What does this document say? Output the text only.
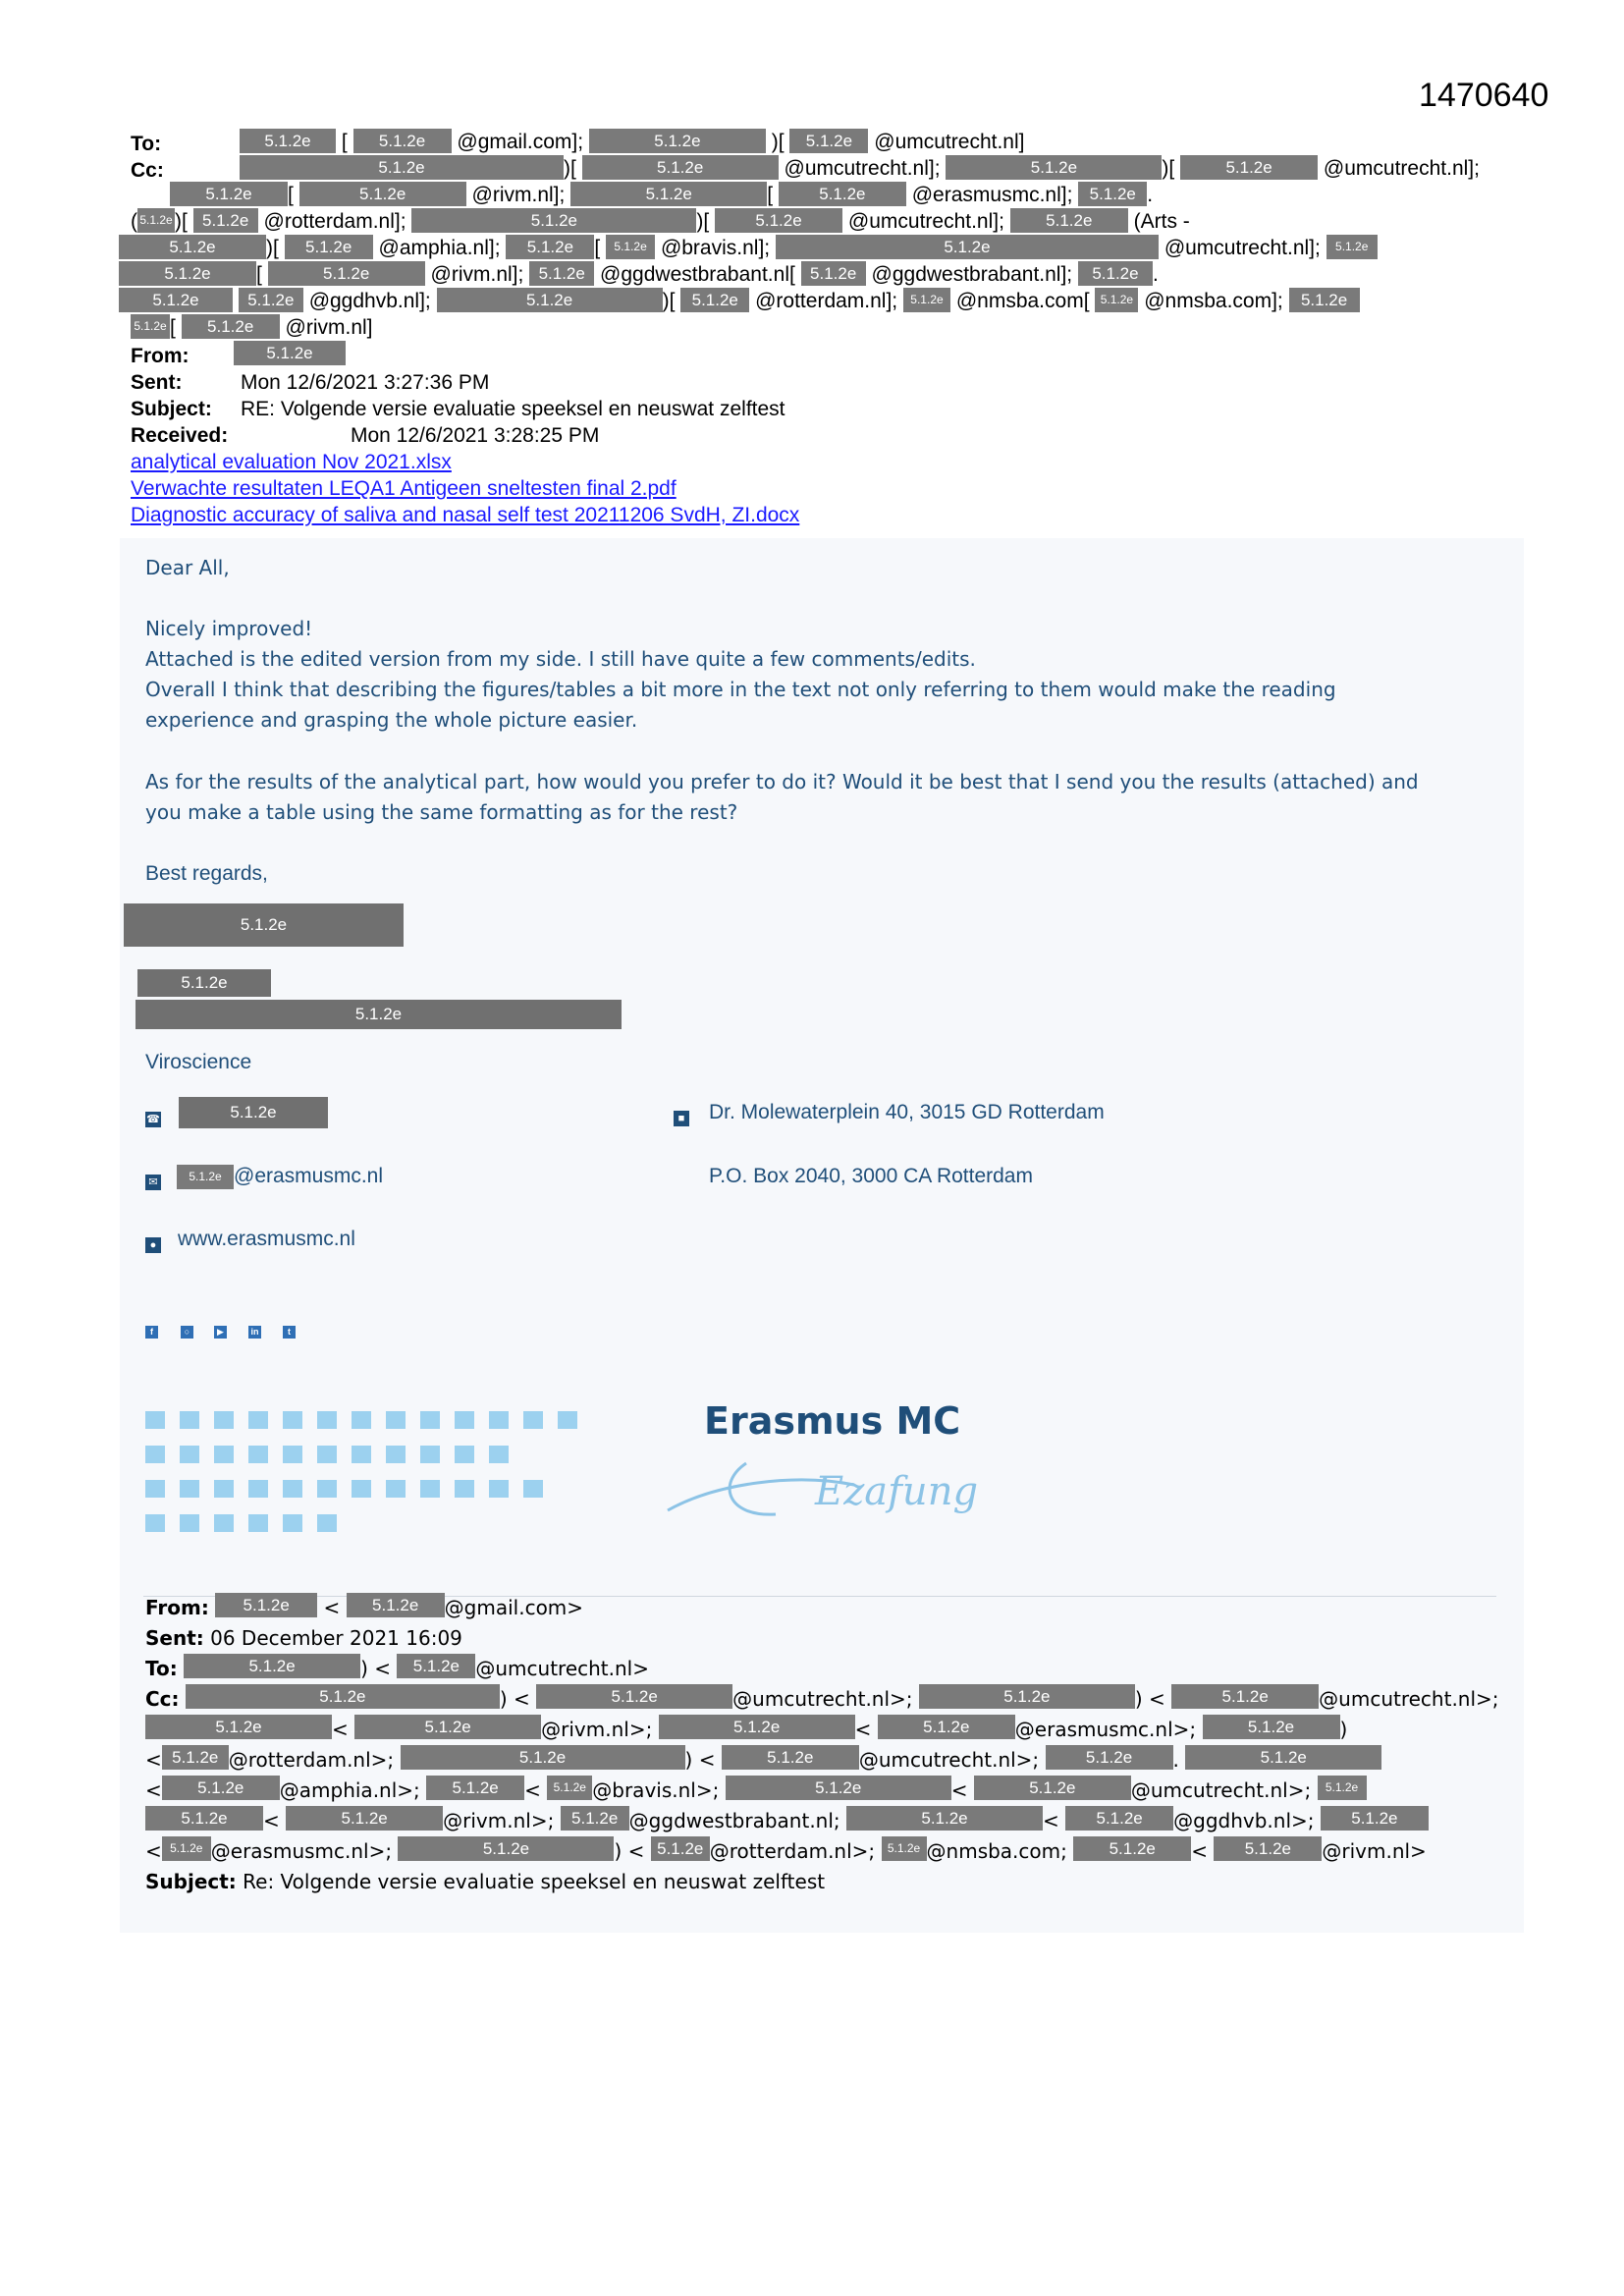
1470640
To:	5.1.2e [ 5.1.2e @gmail.com];	5.1.2e	)[ 5.1.2e @umcutrecht.nl]
Cc:	5.1.2e	)[	5.1.2e	@umcutrecht.nl];	5.1.2e	)[	5.1.2e @umcutrecht.nl];
5.1.2e [	5.1.2e	@rivm.nl];	5.1.2e	[	5.1.2e @erasmusmc.nl]; 5.1.2e .
( 5.1.2e )[ 5.1.2e @rotterdam.nl];	5.1.2e	)[	5.1.2e @umcutrecht.nl]; 5.1.2e (Arts -
5.1.2e )[ 5.1.2e @amphia.nl]; 5.1.2e [ 5.1.2e @bravis.nl];	5.1.2e	@umcutrecht.nl]; 5.1.2e
5.1.2e [	5.1.2e	@rivm.nl]; 5.1.2e @ggdwestbrabant.nl[ 5.1.2e @ggdwestbrabant.nl]; 5.1.2e .
5.1.2e	5.1.2e @ggdhvb.nl];	5.1.2e	)[ 5.1.2e @rotterdam.nl]; 5.1.2e @nmsba.com[ 5.1.2e @nmsba.com]; 5.1.2e
5.1.2e [ 5.1.2e @rivm.nl]
From:	5.1.2e
Sent:	Mon 12/6/2021 3:27:36 PM
Subject: RE: Volgende versie evaluatie speeksel en neuswat zelftest
Received:	Mon 12/6/2021 3:28:25 PM
analytical evaluation Nov 2021.xlsx
Verwachte resultaten LEQA1 Antigeen sneltesten final 2.pdf
Diagnostic accuracy of saliva and nasal self test 20211206 SvdH, ZI.docx
Dear All,
Nicely improved!
Attached is the edited version from my side. I still have quite a few comments/edits.
Overall I think that describing the figures/tables a bit more in the text not only referring to them would make the reading
experience and grasping the whole picture easier.
As for the results of the analytical part, how would you prefer to do it? Would it be best that I send you the results (attached) and
you make a table using the same formatting as for the rest?
Best regards,
5.1.2e
5.1.2e
5.1.2e
Viroscience
☎	5.1.2e
✉	5.1.2e @erasmusmc.nl
● www.erasmusmc.nl
■ Dr. Molewaterplein 40, 3015 GD Rotterdam
P.O. Box 2040, 3000 CA Rotterdam
f	○	▶	in	t
Erasmus MC
Ezafung
From: 5.1.2e < 5.1.2e @gmail.com>
Sent: 06 December 2021 16:09
To:	5.1.2e	) < 5.1.2e @umcutrecht.nl>
Cc:	5.1.2e	) <	5.1.2e	@umcutrecht.nl>;	5.1.2e	) <	5.1.2e	@umcutrecht.nl>;
5.1.2e	<	5.1.2e	@rivm.nl>;	5.1.2e	<	5.1.2e @erasmusmc.nl>;	5.1.2e )
< 5.1.2e @rotterdam.nl>;	5.1.2e	) <	5.1.2e @umcutrecht.nl>;	5.1.2e .	5.1.2e
< 5.1.2e @amphia.nl>; 5.1.2e < 5.1.2e @bravis.nl>;	5.1.2e	<	5.1.2e	@umcutrecht.nl>; 5.1.2e
5.1.2e <	5.1.2e	@rivm.nl>; 5.1.2e @ggdwestbrabant.nl;	5.1.2e	< 5.1.2e @ggdhvb.nl>; 5.1.2e
< 5.1.2e @erasmusmc.nl>;	5.1.2e	) < 5.1.2e @rotterdam.nl>; 5.1.2e @nmsba.com;	5.1.2e < 5.1.2e @rivm.nl>
Subject: Re: Volgende versie evaluatie speeksel en neuswat zelftest
